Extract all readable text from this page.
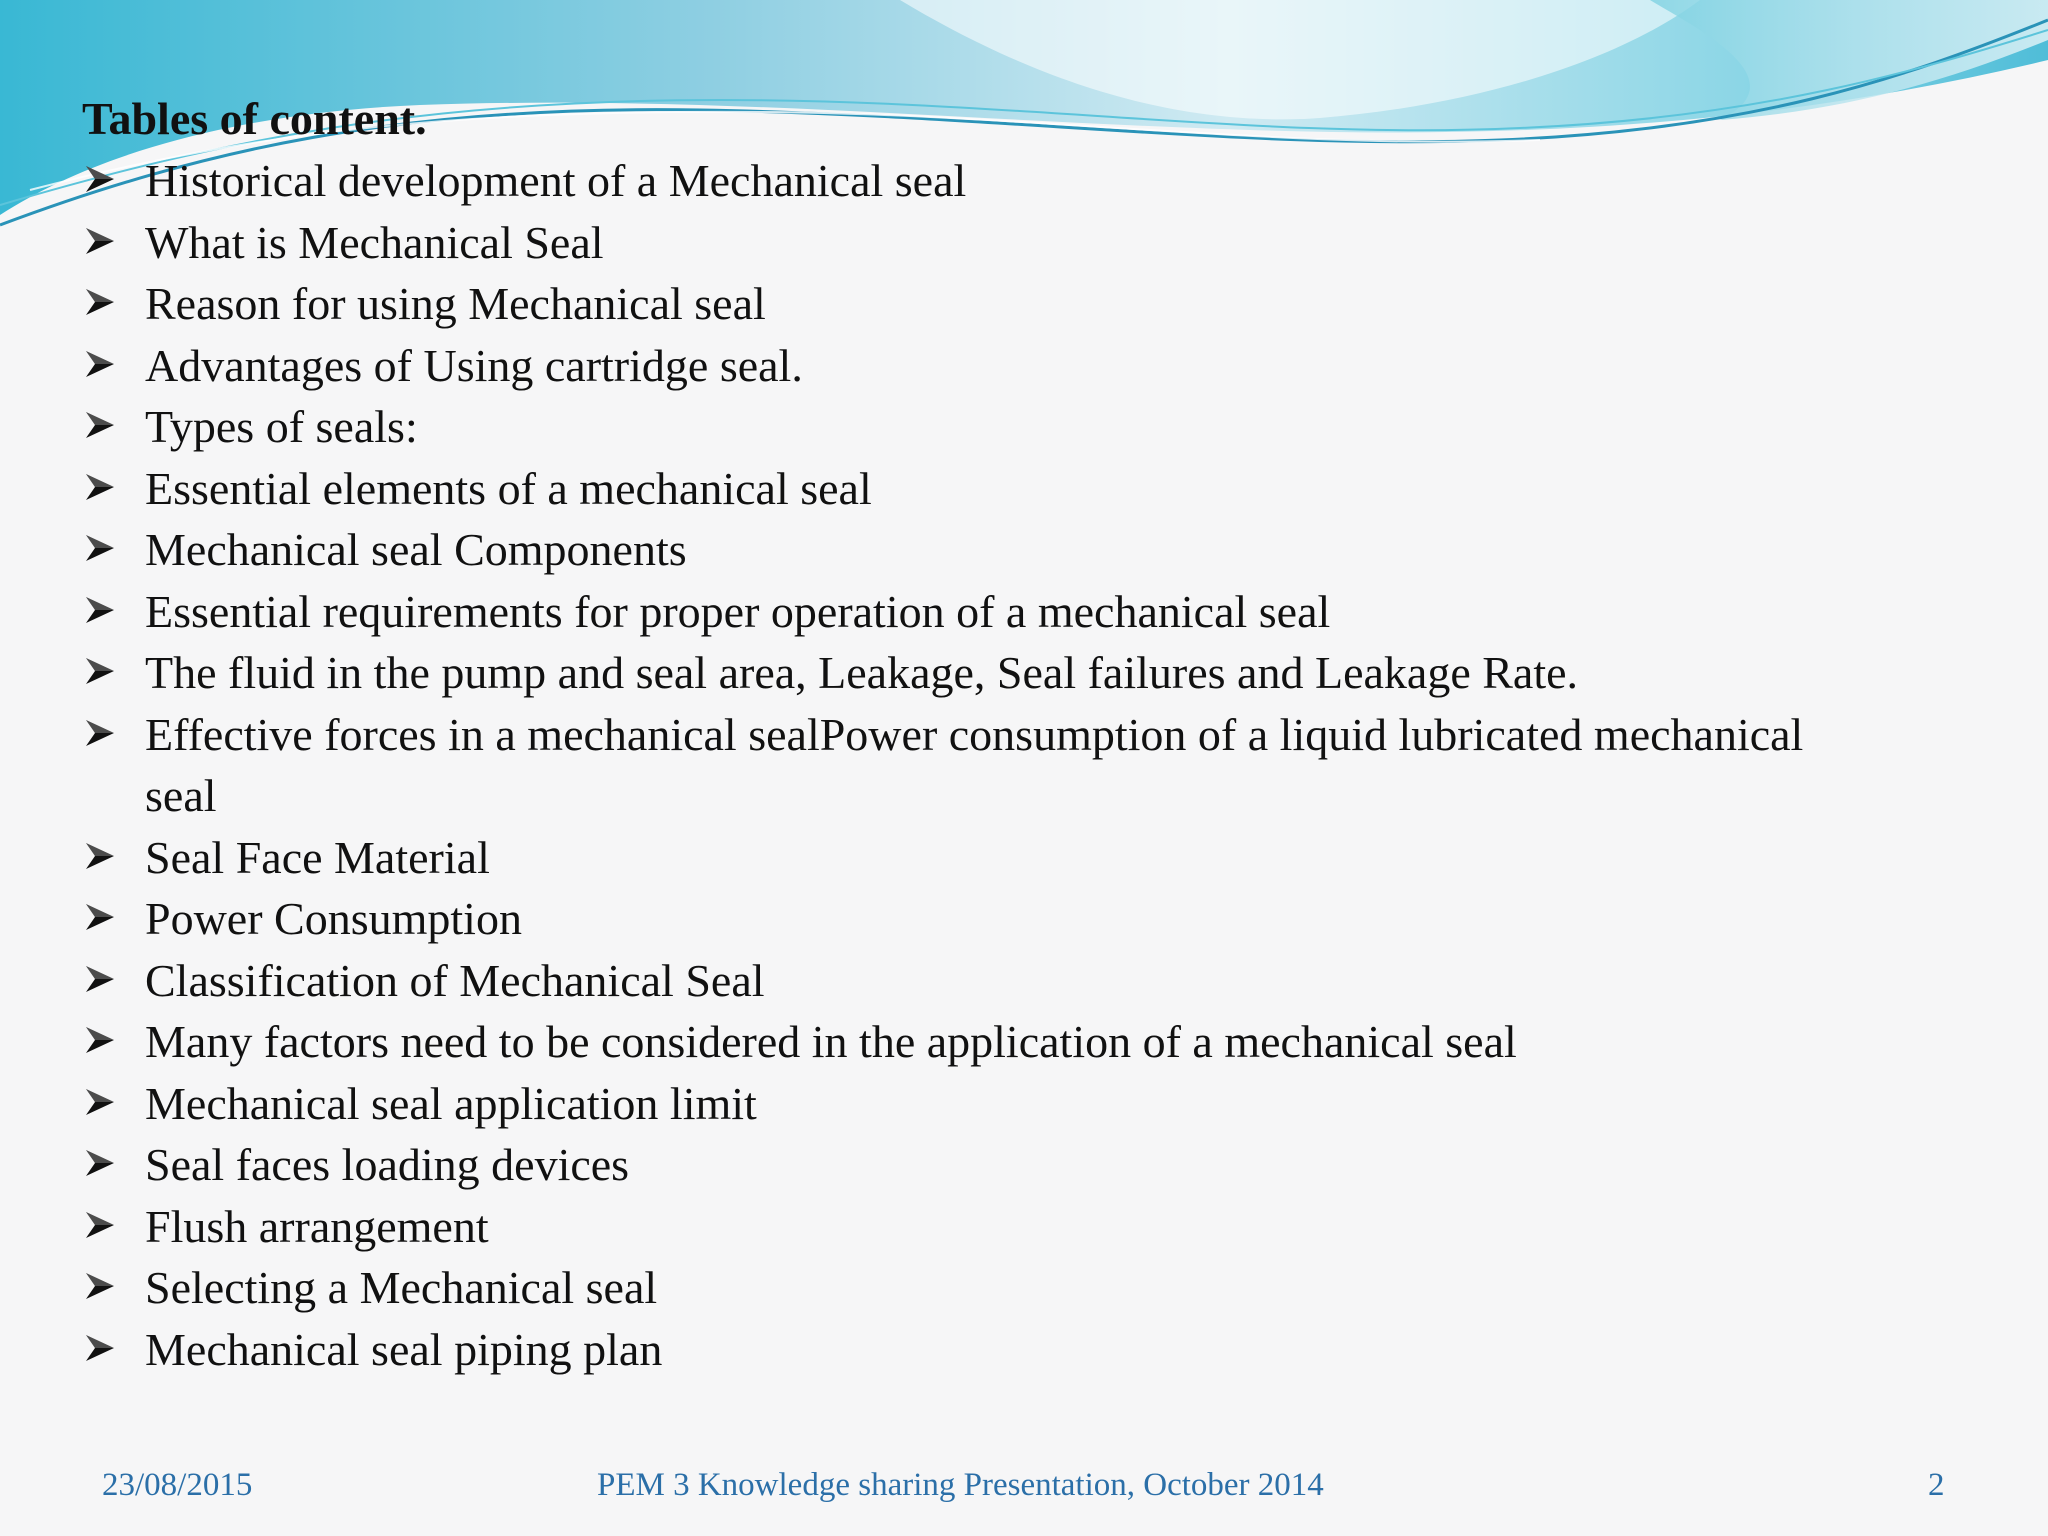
Tables of content.
Historical development of a Mechanical seal
What is Mechanical Seal
Reason for using Mechanical seal
Advantages of Using cartridge seal.
Types of seals:
Essential elements of a mechanical seal
Mechanical seal Components
Essential requirements for proper operation of a mechanical seal
The fluid in the pump and seal area, Leakage, Seal failures and Leakage Rate.
Effective forces in a mechanical sealPower consumption of a liquid lubricated mechanical seal
Seal Face Material
Power Consumption
Classification of Mechanical Seal
Many factors need to be considered in the application of a mechanical seal
Mechanical seal application limit
Seal faces loading devices
Flush arrangement
Selecting a Mechanical seal
Mechanical seal piping plan
23/08/2015	PEM 3 Knowledge sharing Presentation, October 2014	2
